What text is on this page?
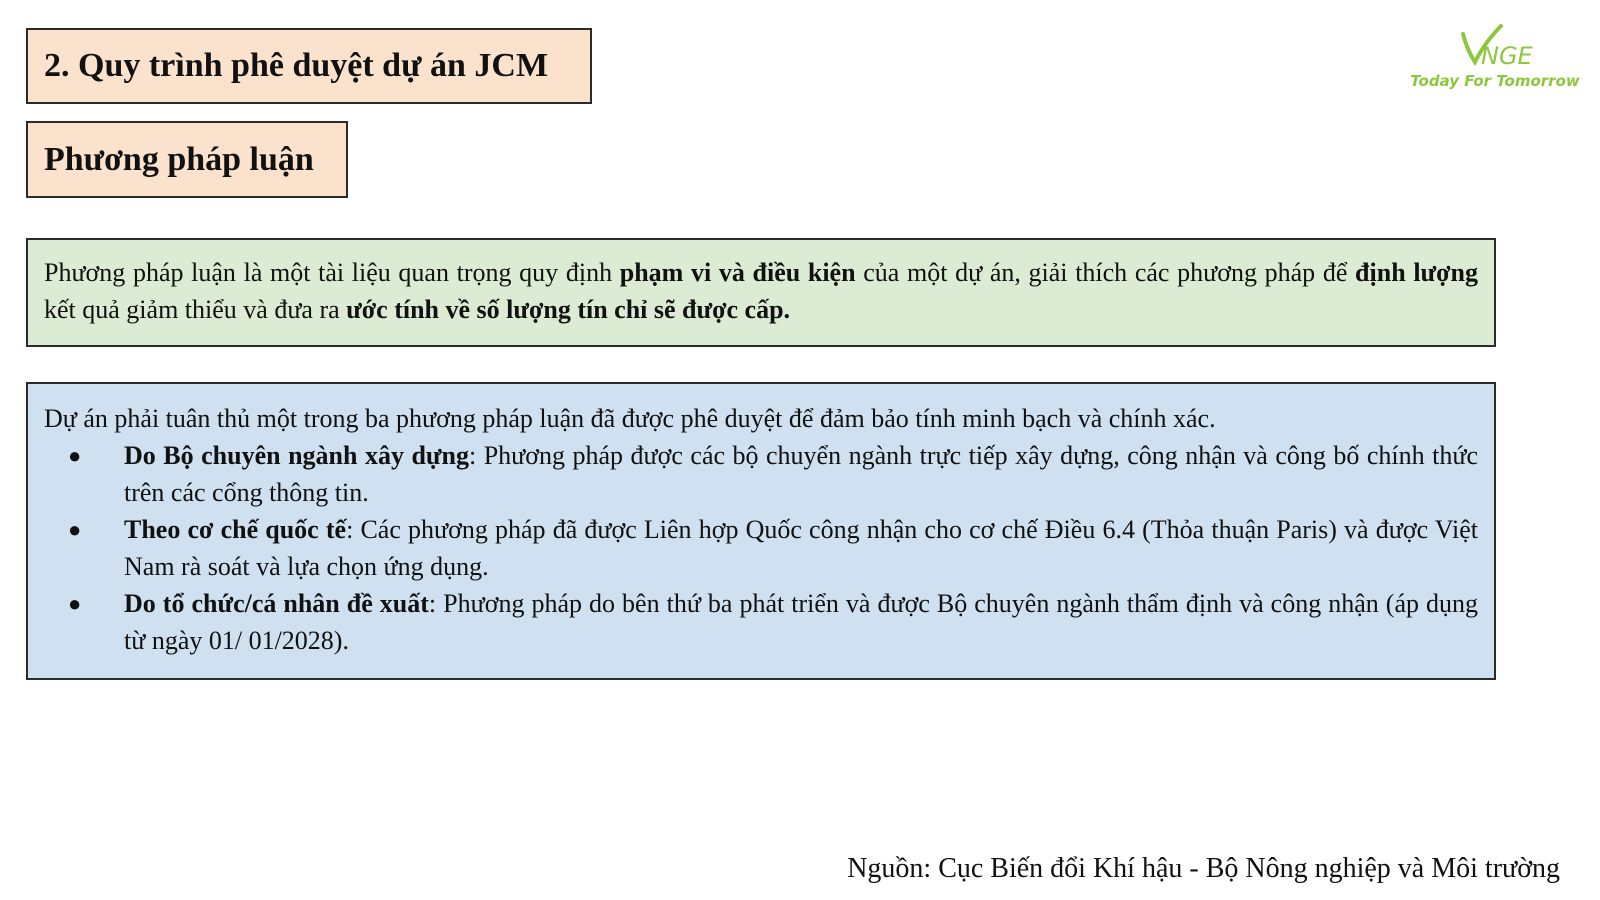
2. Quy trình phê duyệt dự án JCM
Phương pháp luận
NGE
Today For Tomorrow
Phương pháp luận là một tài liệu quan trọng quy định phạm vi và điều kiện của một dự án, giải thích các phương pháp để định lượng kết quả giảm thiểu và đưa ra ước tính về số lượng tín chỉ sẽ được cấp.

Dự án phải tuân thủ một trong ba phương pháp luận đã được phê duyệt để đảm bảo tính minh bạch và chính xác.

● Do Bộ chuyên ngành xây dựng: Phương pháp được các bộ chuyển ngành trực tiếp xây dựng, công nhận và công bố chính thức trên các cổng thông tin.
● Theo cơ chế quốc tế: Các phương pháp đã được Liên hợp Quốc công nhận cho cơ chế Điều 6.4 (Thỏa thuận Paris) và được Việt Nam rà soát và lựa chọn ứng dụng.
● Do tổ chức/cá nhân đề xuất: Phương pháp do bên thứ ba phát triển và được Bộ chuyên ngành thẩm định và công nhận (áp dụng từ ngày 01/ 01/2028).
Nguồn: Cục Biến đổi Khí hậu - Bộ Nông nghiệp và Môi trường
